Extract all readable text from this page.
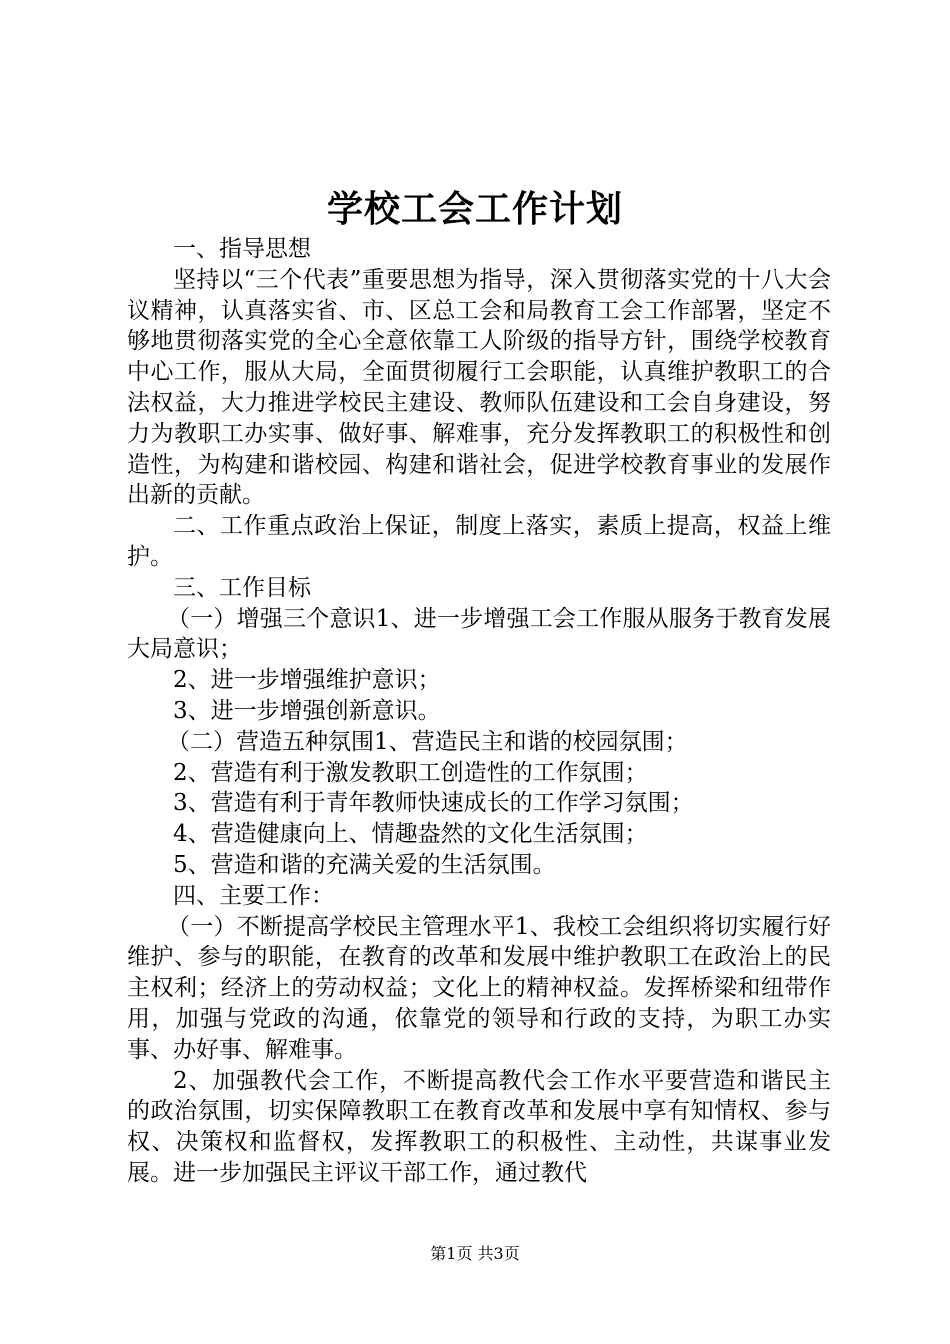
学校工会工作计划

一、指导思想

坚持以“三个代表”重要思想为指导，深入贯彻落实党的十八大会议精神，认真落实省、市、区总工会和局教育工会工作部署，坚定不够地贯彻落实党的全心全意依靠工人阶级的指导方针，围绕学校教育中心工作，服从大局，全面贯彻履行工会职能，认真维护教职工的合法权益，大力推进学校民主建设、教师队伍建设和工会自身建设，努力为教职工办实事、做好事、解难事，充分发挥教职工的积极性和创造性，为构建和谐校园、构建和谐社会，促进学校教育事业的发展作出新的贡献。

二、工作重点政治上保证，制度上落实，素质上提高，权益上维护。

三、工作目标

（一）增强三个意识1、进一步增强工会工作服从服务于教育发展大局意识；

2、进一步增强维护意识；

3、进一步增强创新意识。

（二）营造五种氛围1、营造民主和谐的校园氛围；

2、营造有利于激发教职工创造性的工作氛围；

3、营造有利于青年教师快速成长的工作学习氛围；

4、营造健康向上、情趣盎然的文化生活氛围；

5、营造和谐的充满关爱的生活氛围。

四、主要工作：

（一）不断提高学校民主管理水平1、我校工会组织将切实履行好维护、参与的职能，在教育的改革和发展中维护教职工在政治上的民主权利；经济上的劳动权益；文化上的精神权益。发挥桥梁和纽带作用，加强与党政的沟通，依靠党的领导和行政的支持，为职工办实事、办好事、解难事。

2、加强教代会工作，不断提高教代会工作水平要营造和谐民主的政治氛围，切实保障教职工在教育改革和发展中享有知情权、参与权、决策权和监督权，发挥教职工的积极性、主动性，共谋事业发展。进一步加强民主评议干部工作，通过教代

第1页 共3页
